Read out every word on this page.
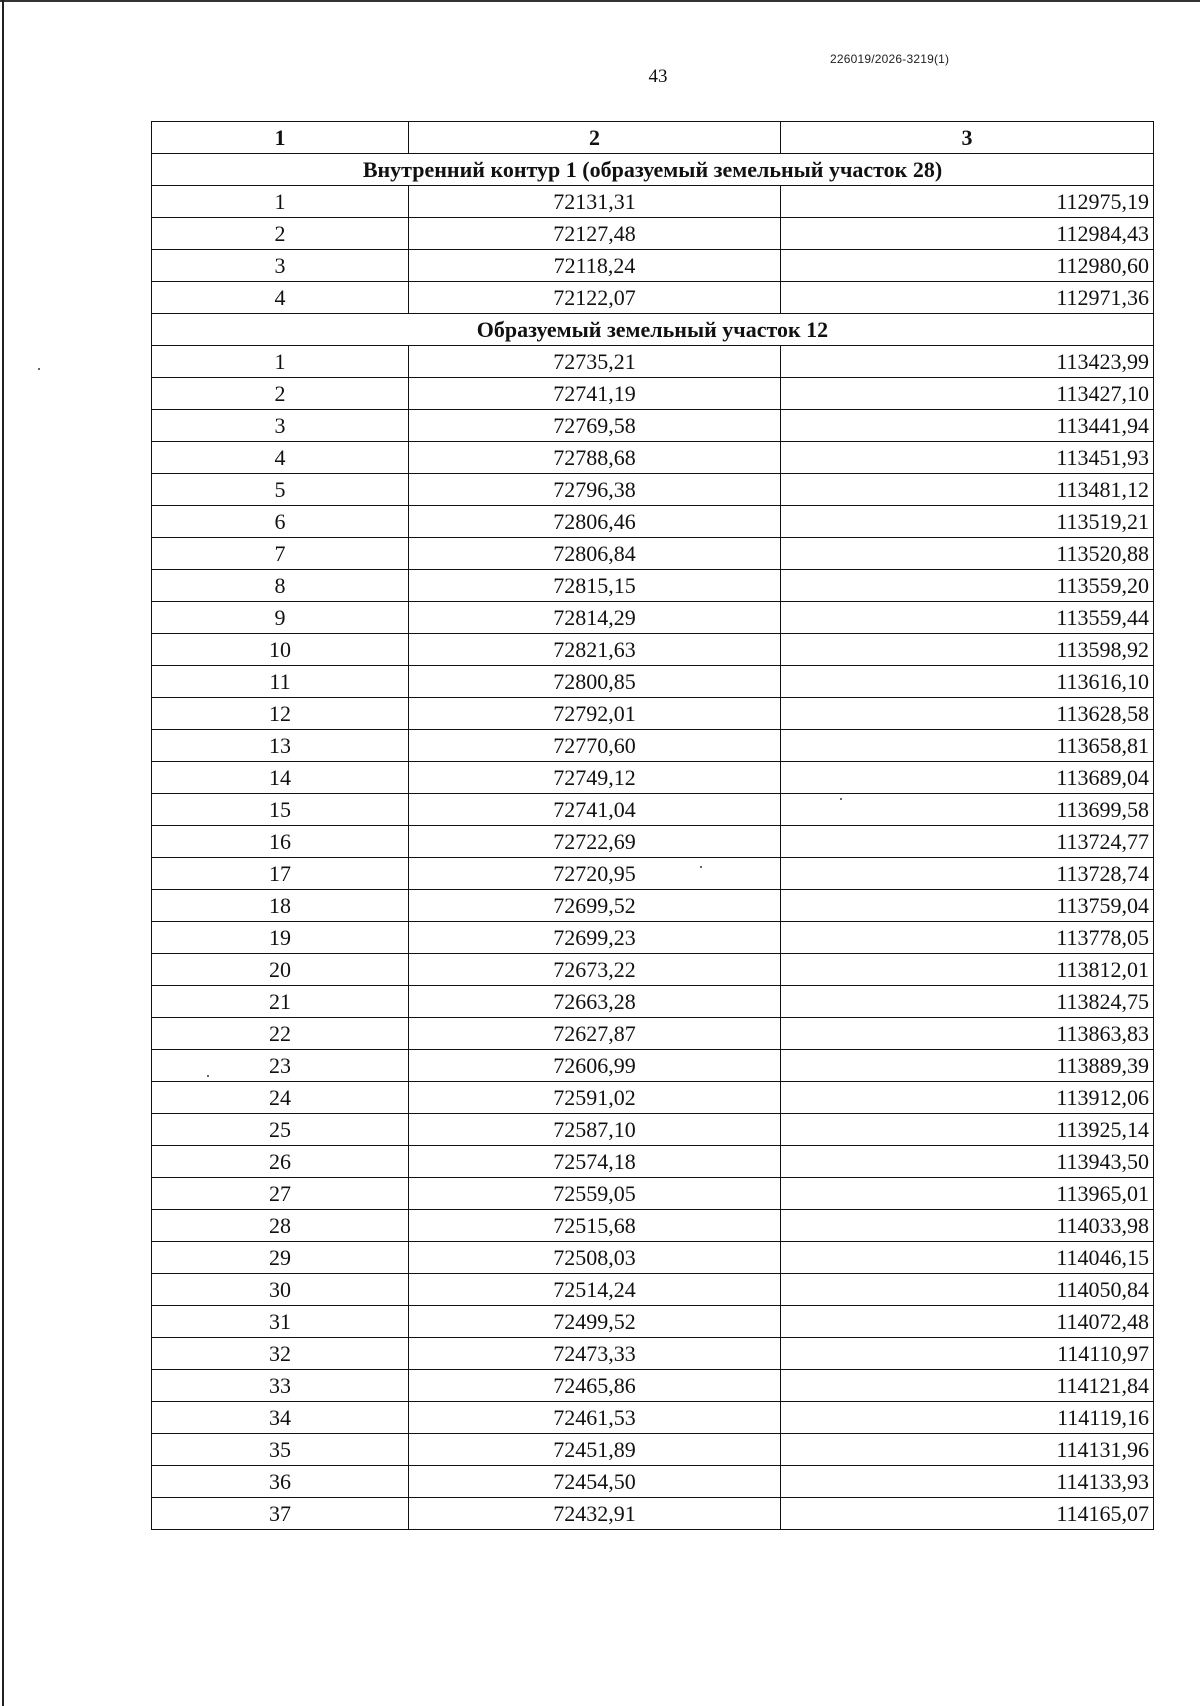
226019/2026-3219(1)
43
1	2	3
Внутренний контур 1 (образуемый земельный участок 28)		
1	72131,31	112975,19
2	72127,48	112984,43
3	72118,24	112980,60
4	72122,07	112971,36
Образуемый земельный участок 12		
1	72735,21	113423,99
2	72741,19	113427,10
3	72769,58	113441,94
4	72788,68	113451,93
5	72796,38	113481,12
6	72806,46	113519,21
7	72806,84	113520,88
8	72815,15	113559,20
9	72814,29	113559,44
10	72821,63	113598,92
11	72800,85	113616,10
12	72792,01	113628,58
13	72770,60	113658,81
14	72749,12	113689,04
15	72741,04	113699,58
16	72722,69	113724,77
17	72720,95	113728,74
18	72699,52	113759,04
19	72699,23	113778,05
20	72673,22	113812,01
21	72663,28	113824,75
22	72627,87	113863,83
23	72606,99	113889,39
24	72591,02	113912,06
25	72587,10	113925,14
26	72574,18	113943,50
27	72559,05	113965,01
28	72515,68	114033,98
29	72508,03	114046,15
30	72514,24	114050,84
31	72499,52	114072,48
32	72473,33	114110,97
33	72465,86	114121,84
34	72461,53	114119,16
35	72451,89	114131,96
36	72454,50	114133,93
37	72432,91	114165,07
